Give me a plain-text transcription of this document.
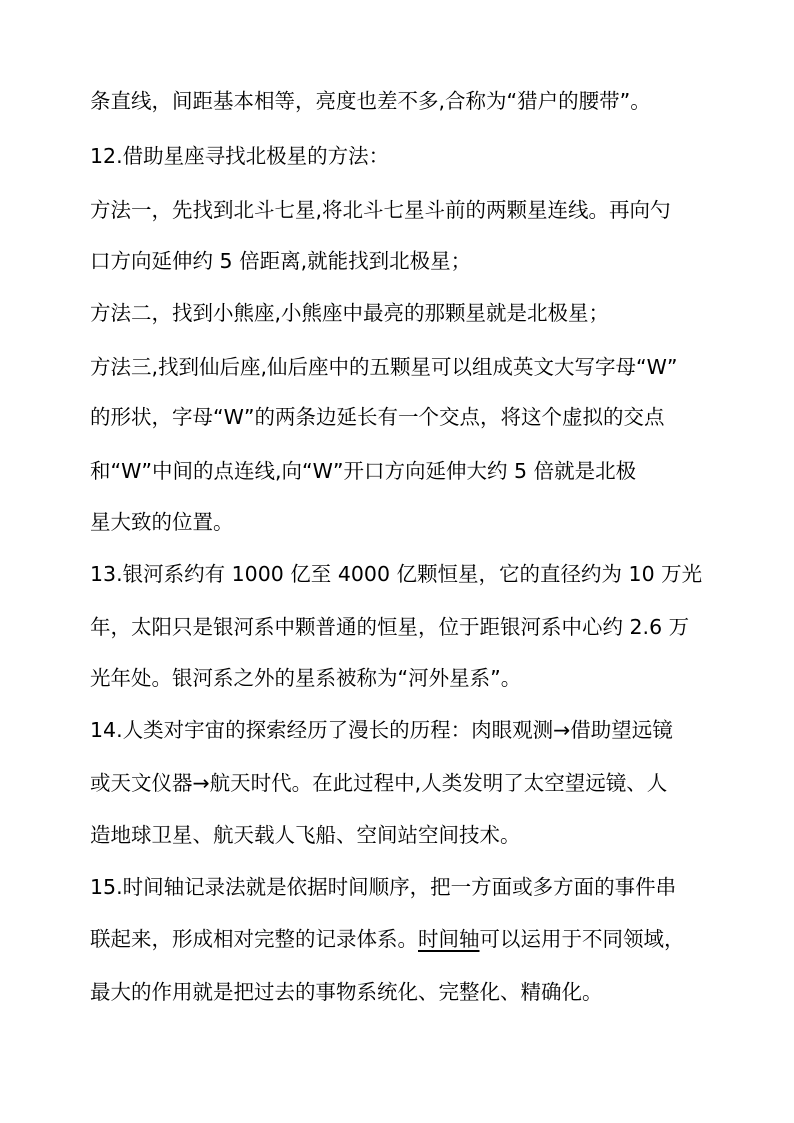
条直线，间距基本相等，亮度也差不多,合称为“猎户的腰带”。
12.借助星座寻找北极星的方法：
方法一，先找到北斗七星,将北斗七星斗前的两颗星连线。再向勺
口方向延伸约 5 倍距离,就能找到北极星；
方法二，找到小熊座,小熊座中最亮的那颗星就是北极星；
方法三,找到仙后座,仙后座中的五颗星可以组成英文大写字母“W”
的形状，字母“W”的两条边延长有一个交点，将这个虚拟的交点
和“W”中间的点连线,向“W”开口方向延伸大约 5 倍就是北极
星大致的位置。
13.银河系约有 1000 亿至 4000 亿颗恒星，它的直径约为 10 万光
年，太阳只是银河系中颗普通的恒星，位于距银河系中心约 2.6 万
光年处。银河系之外的星系被称为“河外星系”。
14.人类对宇宙的探索经历了漫长的历程：肉眼观测→借助望远镜
或天文仪器→航天时代。在此过程中,人类发明了太空望远镜、人
造地球卫星、航天载人飞船、空间站空间技术。
15.时间轴记录法就是依据时间顺序，把一方面或多方面的事件串
联起来，形成相对完整的记录体系。时间轴可以运用于不同领域，
最大的作用就是把过去的事物系统化、完整化、精确化。
